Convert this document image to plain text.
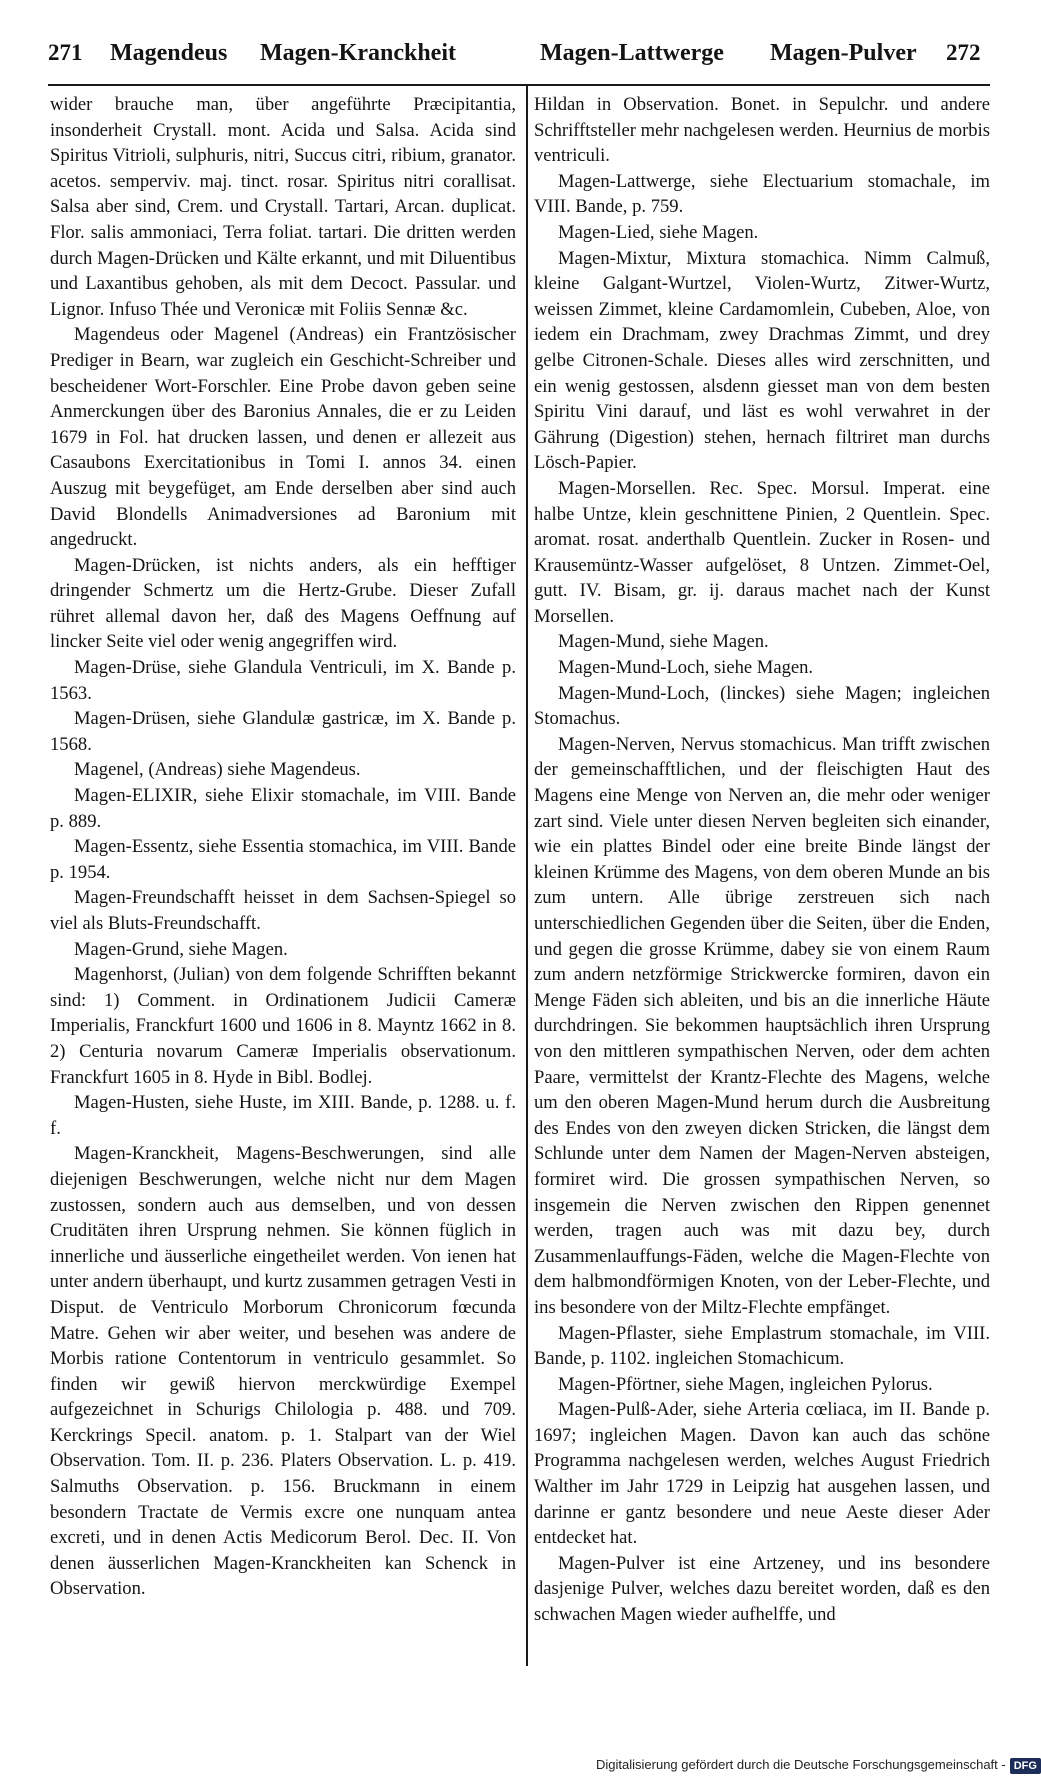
271 Magendeus Magen-Kranckheit	Magen-Lattwerge Magen-Pulver 272

wider brauche man, über angeführte Præcipitantia, insonderheit Crystall. mont. Acida und Salsa. Acida sind Spiritus Vitrioli, sulphuris, nitri, Succus citri, ribium, granator. acetos. semperviv. maj. tinct. rosar. Spiritus nitri corallisat. Salsa aber sind, Crem. und Crystall. Tartari, Arcan. duplicat. Flor. salis ammoniaci, Terra foliat. tartari. Die dritten werden durch Magen-Drücken und Kälte erkannt, und mit Diluentibus und Laxantibus gehoben, als mit dem Decoct. Passular. und Lignor. Infuso Thée und Veronicæ mit Foliis Sennæ &c.

Magendeus oder Magenel (Andreas) ein Frantzösischer Prediger in Bearn, war zugleich ein Geschicht-Schreiber und bescheidener Wort-Forschler. Eine Probe davon geben seine Anmerckungen über des Baronius Annales, die er zu Leiden 1679 in Fol. hat drucken lassen, und denen er allezeit aus Casaubons Exercitationibus in Tomi I. annos 34. einen Auszug mit beygefüget, am Ende derselben aber sind auch David Blondells Animadversiones ad Baronium mit angedruckt.

Magen-Drücken, ist nichts anders, als ein hefftiger dringender Schmertz um die Hertz-Grube. Dieser Zufall rühret allemal davon her, daß des Magens Oeffnung auf lincker Seite viel oder wenig angegriffen wird.

Magen-Drüse, siehe Glandula Ventriculi, im X. Bande p. 1563.

Magen-Drüsen, siehe Glandulæ gastricæ, im X. Bande p. 1568.

Magenel, (Andreas) siehe Magendeus.

Magen-ELIXIR, siehe Elixir stomachale, im VIII. Bande p. 889.

Magen-Essentz, siehe Essentia stomachica, im VIII. Bande p. 1954.

Magen-Freundschafft heisset in dem Sachsen-Spiegel so viel als Bluts-Freundschafft.

Magen-Grund, siehe Magen.

Magenhorst, (Julian) von dem folgende Schrifften bekannt sind: 1) Comment. in Ordinationem Judicii Cameræ Imperialis, Franckfurt 1600 und 1606 in 8. Mayntz 1662 in 8. 2) Centuria novarum Cameræ Imperialis observationum. Franckfurt 1605 in 8. Hyde in Bibl. Bodlej.

Magen-Husten, siehe Huste, im XIII. Bande, p. 1288. u. f. f.

Magen-Kranckheit, Magens-Beschwerungen, sind alle diejenigen Beschwerungen, welche nicht nur dem Magen zustossen, sondern auch aus demselben, und von dessen Cruditäten ihren Ursprung nehmen. Sie können füglich in innerliche und äusserliche eingetheilet werden. Von ienen hat unter andern überhaupt, und kurtz zusammen getragen Vesti in Disput. de Ventriculo Morborum Chronicorum fœcunda Matre. Gehen wir aber weiter, und besehen was andere de Morbis ratione Contentorum in ventriculo gesammlet. So finden wir gewiß hiervon merckwürdige Exempel aufgezeichnet in Schurigs Chilologia p. 488. und 709. Kerckrings Specil. anatom. p. 1. Stalpart van der Wiel Observation. Tom. II. p. 236. Platers Observation. L. p. 419. Salmuths Observation. p. 156. Bruckmann in einem besondern Tractate de Vermis excre one nunquam antea excreti, und in denen Actis Medicorum Berol. Dec. II. Von denen äusserlichen Magen-Kranckheiten kan Schenck in Observation.

Hildan in Observation. Bonet. in Sepulchr. und andere Schrifftsteller mehr nachgelesen werden. Heurnius de morbis ventriculi.

Magen-Lattwerge, siehe Electuarium stomachale, im VIII. Bande, p. 759.

Magen-Lied, siehe Magen.

Magen-Mixtur, Mixtura stomachica. Nimm Calmuß, kleine Galgant-Wurtzel, Violen-Wurtz, Zitwer-Wurtz, weissen Zimmet, kleine Cardamomlein, Cubeben, Aloe, von iedem ein Drachmam, zwey Drachmas Zimmt, und drey gelbe Citronen-Schale. Dieses alles wird zerschnitten, und ein wenig gestossen, alsdenn giesset man von dem besten Spiritu Vini darauf, und läst es wohl verwahret in der Gährung (Digestion) stehen, hernach filtriret man durchs Lösch-Papier.

Magen-Morsellen. Rec. Spec. Morsul. Imperat. eine halbe Untze, klein geschnittene Pinien, 2 Quentlein. Spec. aromat. rosat. anderthalb Quentlein. Zucker in Rosen- und Krausemüntz-Wasser aufgelöset, 8 Untzen. Zimmet-Oel, gutt. IV. Bisam, gr. ij. daraus machet nach der Kunst Morsellen.

Magen-Mund, siehe Magen.

Magen-Mund-Loch, siehe Magen.

Magen-Mund-Loch, (linckes) siehe Magen; ingleichen Stomachus.

Magen-Nerven, Nervus stomachicus. Man trifft zwischen der gemeinschafftlichen, und der fleischigten Haut des Magens eine Menge von Nerven an, die mehr oder weniger zart sind. Viele unter diesen Nerven begleiten sich einander, wie ein plattes Bindel oder eine breite Binde längst der kleinen Krümme des Magens, von dem oberen Munde an bis zum untern. Alle übrige zerstreuen sich nach unterschiedlichen Gegenden über die Seiten, über die Enden, und gegen die grosse Krümme, dabey sie von einem Raum zum andern netzförmige Strickwercke formiren, davon ein Menge Fäden sich ableiten, und bis an die innerliche Häute durchdringen. Sie bekommen hauptsächlich ihren Ursprung von den mittleren sympathischen Nerven, oder dem achten Paare, vermittelst der Krantz-Flechte des Magens, welche um den oberen Magen-Mund herum durch die Ausbreitung des Endes von den zweyen dicken Stricken, die längst dem Schlunde unter dem Namen der Magen-Nerven absteigen, formiret wird. Die grossen sympathischen Nerven, so insgemein die Nerven zwischen den Rippen genennet werden, tragen auch was mit dazu bey, durch Zusammenlauffungs-Fäden, welche die Magen-Flechte von dem halbmondförmigen Knoten, von der Leber-Flechte, und ins besondere von der Miltz-Flechte empfänget.

Magen-Pflaster, siehe Emplastrum stomachale, im VIII. Bande, p. 1102. ingleichen Stomachicum.

Magen-Pförtner, siehe Magen, ingleichen Pylorus.

Magen-Pulß-Ader, siehe Arteria cœliaca, im II. Bande p. 1697; ingleichen Magen. Davon kan auch das schöne Programma nachgelesen werden, welches August Friedrich Walther im Jahr 1729 in Leipzig hat ausgehen lassen, und darinne er gantz besondere und neue Aeste dieser Ader entdecket hat.

Magen-Pulver ist eine Artzeney, und ins besondere dasjenige Pulver, welches dazu bereitet worden, daß es den schwachen Magen wieder aufhelffe, und

Digitalisierung gefördert durch die Deutsche Forschungsgemeinschaft - DFG
